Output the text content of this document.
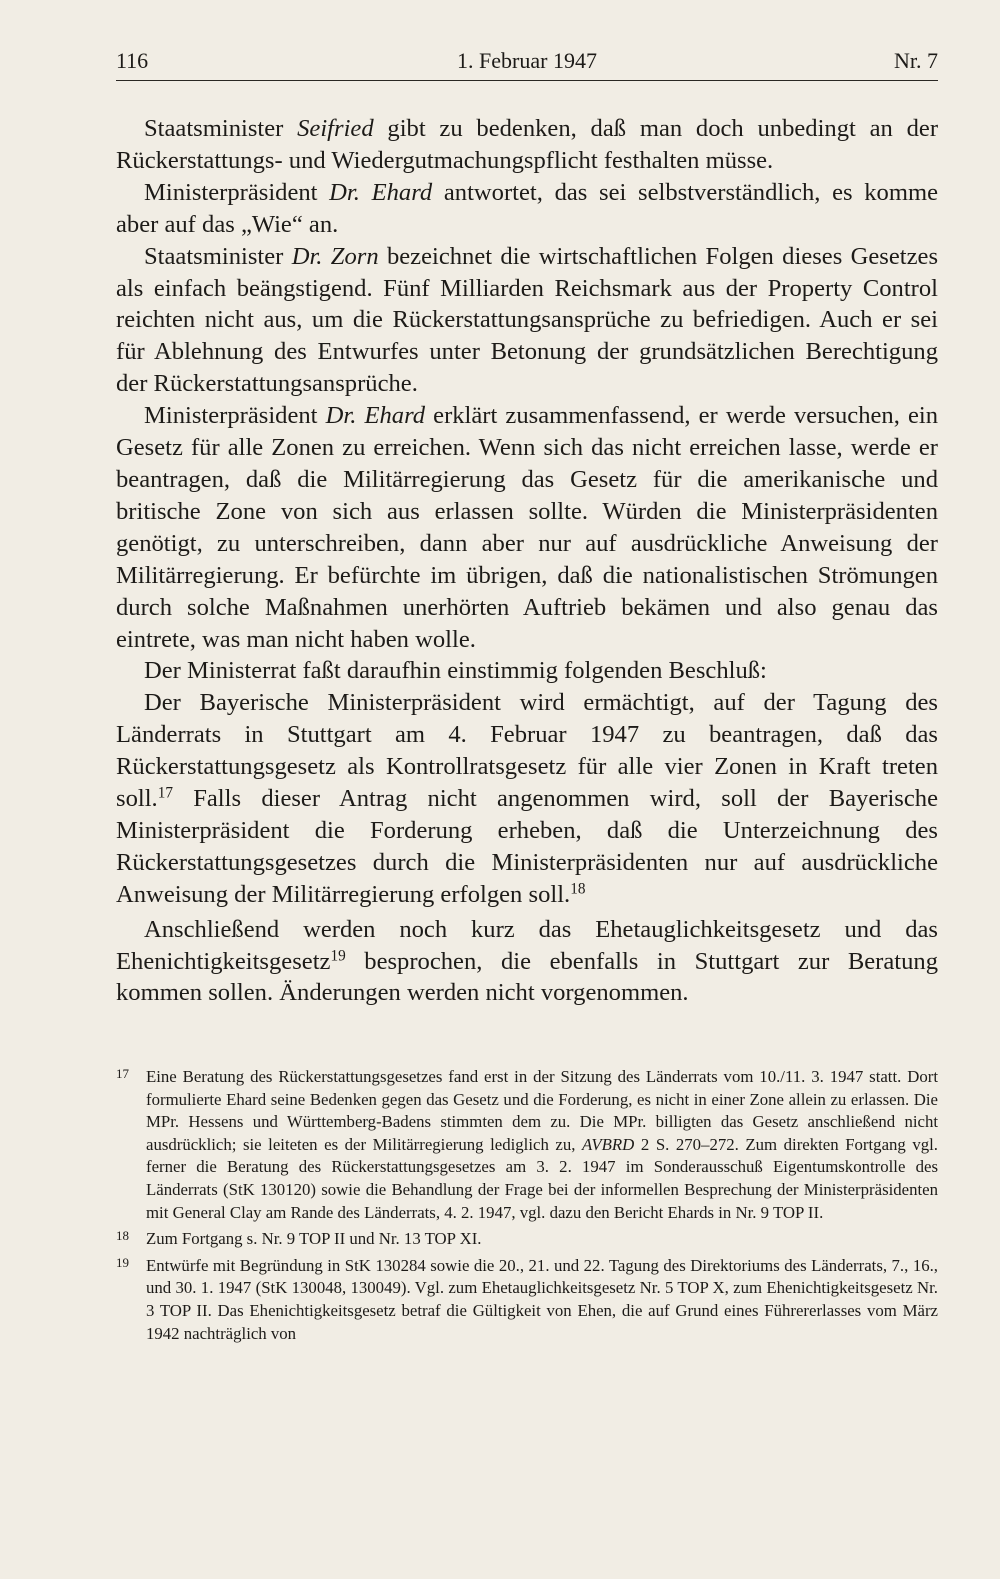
116	1. Februar 1947	Nr. 7

Staatsminister Seifried gibt zu bedenken, daß man doch unbedingt an der Rückerstattungs- und Wiedergutmachungspflicht festhalten müsse.

Ministerpräsident Dr. Ehard antwortet, das sei selbstverständlich, es komme aber auf das „Wie“ an.

Staatsminister Dr. Zorn bezeichnet die wirtschaftlichen Folgen dieses Gesetzes als einfach beängstigend. Fünf Milliarden Reichsmark aus der Property Control reichten nicht aus, um die Rückerstattungsansprüche zu befriedigen. Auch er sei für Ablehnung des Entwurfes unter Betonung der grundsätzlichen Berechtigung der Rückerstattungsansprüche.

Ministerpräsident Dr. Ehard erklärt zusammenfassend, er werde versuchen, ein Gesetz für alle Zonen zu erreichen. Wenn sich das nicht erreichen lasse, werde er beantragen, daß die Militärregierung das Gesetz für die amerikanische und britische Zone von sich aus erlassen sollte. Würden die Ministerpräsidenten genötigt, zu unterschreiben, dann aber nur auf ausdrückliche Anweisung der Militärregierung. Er befürchte im übrigen, daß die nationalistischen Strömungen durch solche Maßnahmen unerhörten Auftrieb bekämen und also genau das eintrete, was man nicht haben wolle.

Der Ministerrat faßt daraufhin einstimmig folgenden Beschluß:

Der Bayerische Ministerpräsident wird ermächtigt, auf der Tagung des Länderrats in Stuttgart am 4. Februar 1947 zu beantragen, daß das Rückerstattungsgesetz als Kontrollratsgesetz für alle vier Zonen in Kraft treten soll.$^{17}$ Falls dieser Antrag nicht angenommen wird, soll der Bayerische Ministerpräsident die Forderung erheben, daß die Unterzeichnung des Rückerstattungsgesetzes durch die Ministerpräsidenten nur auf ausdrückliche Anweisung der Militärregierung erfolgen soll.$^{18}$

Anschließend werden noch kurz das Ehetauglichkeitsgesetz und das Ehenichtigkeitsgesetz$^{19}$ besprochen, die ebenfalls in Stuttgart zur Beratung kommen sollen. Änderungen werden nicht vorgenommen.

17 Eine Beratung des Rückerstattungsgesetzes fand erst in der Sitzung des Länderrats vom 10./11. 3. 1947 statt. Dort formulierte Ehard seine Bedenken gegen das Gesetz und die Forderung, es nicht in einer Zone allein zu erlassen. Die MPr. Hessens und Württemberg-Badens stimmten dem zu. Die MPr. billigten das Gesetz anschließend nicht ausdrücklich; sie leiteten es der Militärregierung lediglich zu, AVBRD 2 S. 270–272. Zum direkten Fortgang vgl. ferner die Beratung des Rückerstattungsgesetzes am 3. 2. 1947 im Sonderausschuß Eigentumskontrolle des Länderrats (StK 130120) sowie die Behandlung der Frage bei der informellen Besprechung der Ministerpräsidenten mit General Clay am Rande des Länderrats, 4. 2. 1947, vgl. dazu den Bericht Ehards in Nr. 9 TOP II.
18 Zum Fortgang s. Nr. 9 TOP II und Nr. 13 TOP XI.
19 Entwürfe mit Begründung in StK 130284 sowie die 20., 21. und 22. Tagung des Direktoriums des Länderrats, 7., 16., und 30. 1. 1947 (StK 130048, 130049). Vgl. zum Ehetauglichkeitsgesetz Nr. 5 TOP X, zum Ehenichtigkeitsgesetz Nr. 3 TOP II. Das Ehenichtigkeitsgesetz betraf die Gültigkeit von Ehen, die auf Grund eines Führererlasses vom März 1942 nachträglich von
